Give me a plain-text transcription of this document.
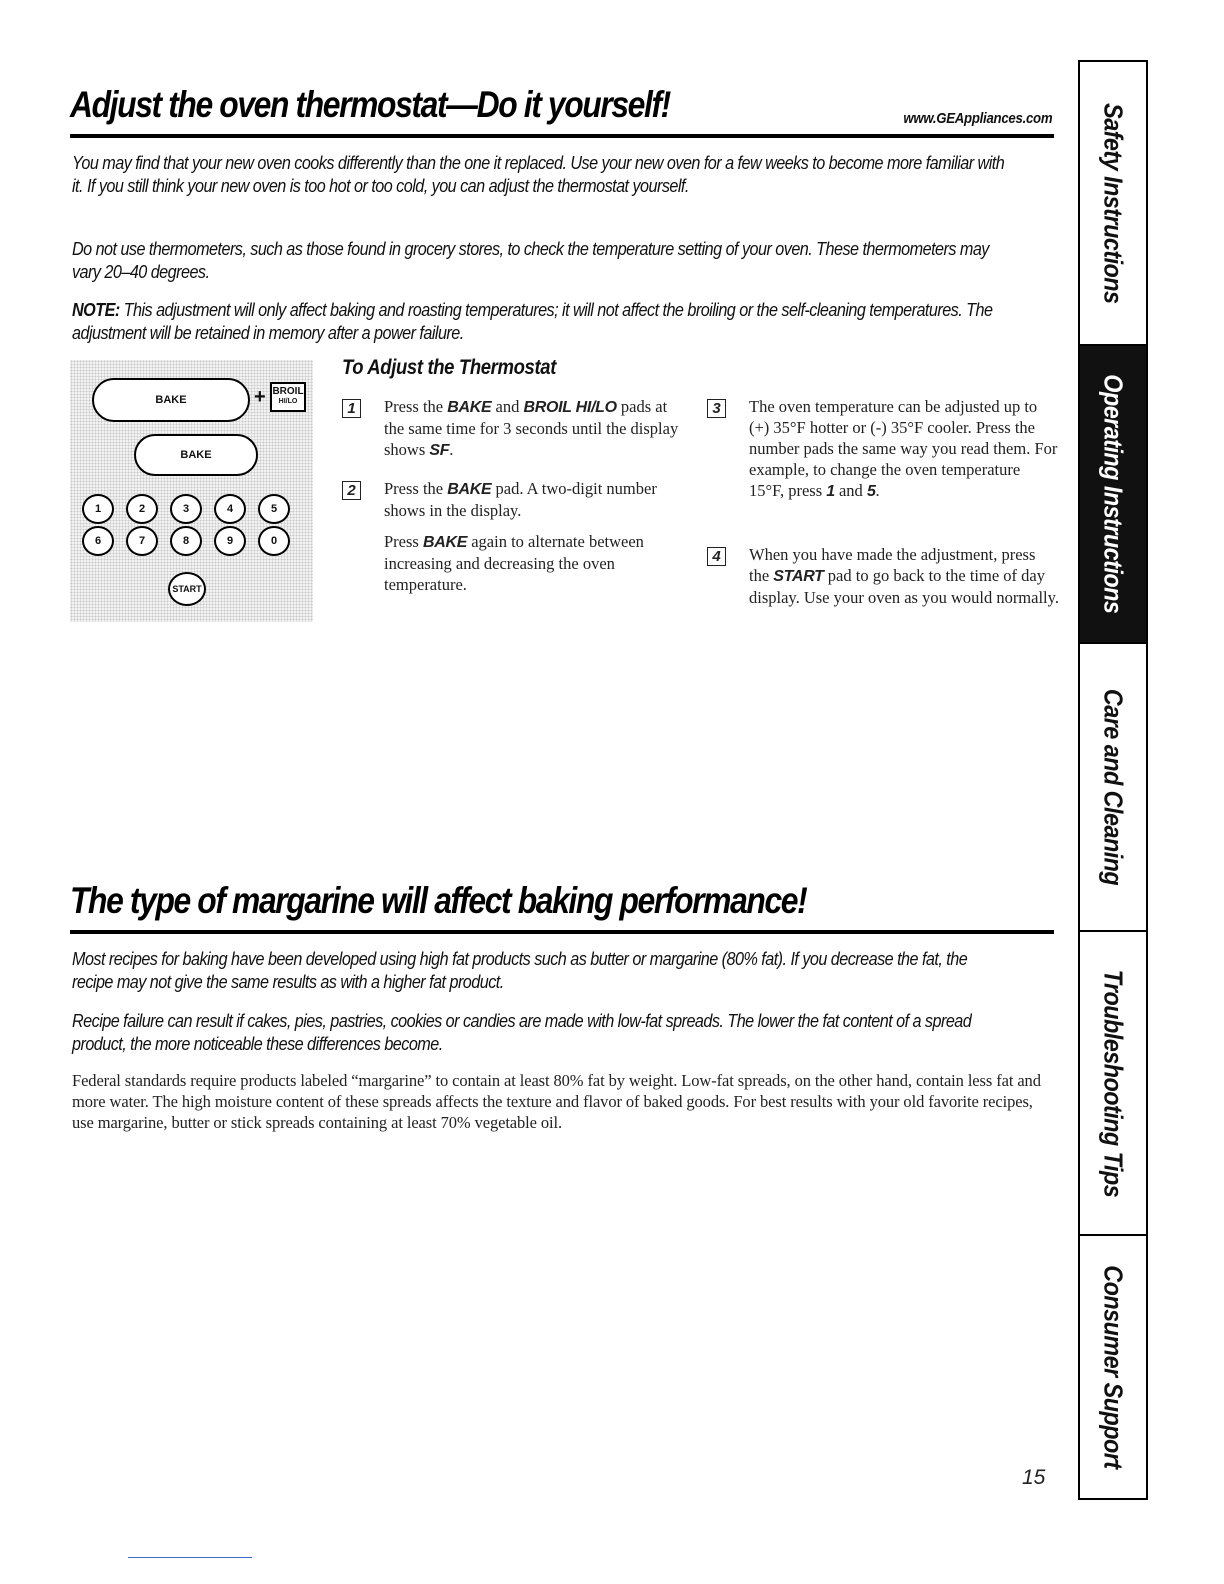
Adjust the oven thermostat—Do it yourself!	www.GEAppliances.com

You may find that your new oven cooks differently than the one it replaced. Use your new oven for a few weeks to become more familiar with it. If you still think your new oven is too hot or too cold, you can adjust the thermostat yourself.

Do not use thermometers, such as those found in grocery stores, to check the temperature setting of your oven. These thermometers may vary 20–40 degrees.

NOTE: This adjustment will only affect baking and roasting temperatures; it will not affect the broiling or the self-cleaning temperatures. The adjustment will be retained in memory after a power failure.

BAKE	+ BROIL
HI/LO
BAKE
1	2	3	4	5
6	7	8	9	0
START
To Adjust the Thermostat
1	Press the BAKE and BROIL HI/LO pads at the same time for 3 seconds until the display shows SF.
2	Press the BAKE pad. A two-digit number shows in the display.
Press BAKE again to alternate between increasing and decreasing the oven temperature.
3	The oven temperature can be adjusted up to (+) 35°F hotter or (-) 35°F cooler. Press the number pads the same way you read them. For example, to change the oven temperature 15°F, press 1 and 5.
4	When you have made the adjustment, press the START pad to go back to the time of day display. Use your oven as you would normally.
The type of margarine will affect baking performance!

Most recipes for baking have been developed using high fat products such as butter or margarine (80% fat). If you decrease the fat, the recipe may not give the same results as with a higher fat product.

Recipe failure can result if cakes, pies, pastries, cookies or candies are made with low-fat spreads. The lower the fat content of a spread product, the more noticeable these differences become.

Federal standards require products labeled “margarine” to contain at least 80% fat by weight. Low-fat spreads, on the other hand, contain less fat and more water. The high moisture content of these spreads affects the texture and flavor of baked goods. For best results with your old favorite recipes, use margarine, butter or stick spreads containing at least 70% vegetable oil.

Safety Instructions
Operating Instructions
Care and Cleaning
Troubleshooting Tips
Consumer Support
15
